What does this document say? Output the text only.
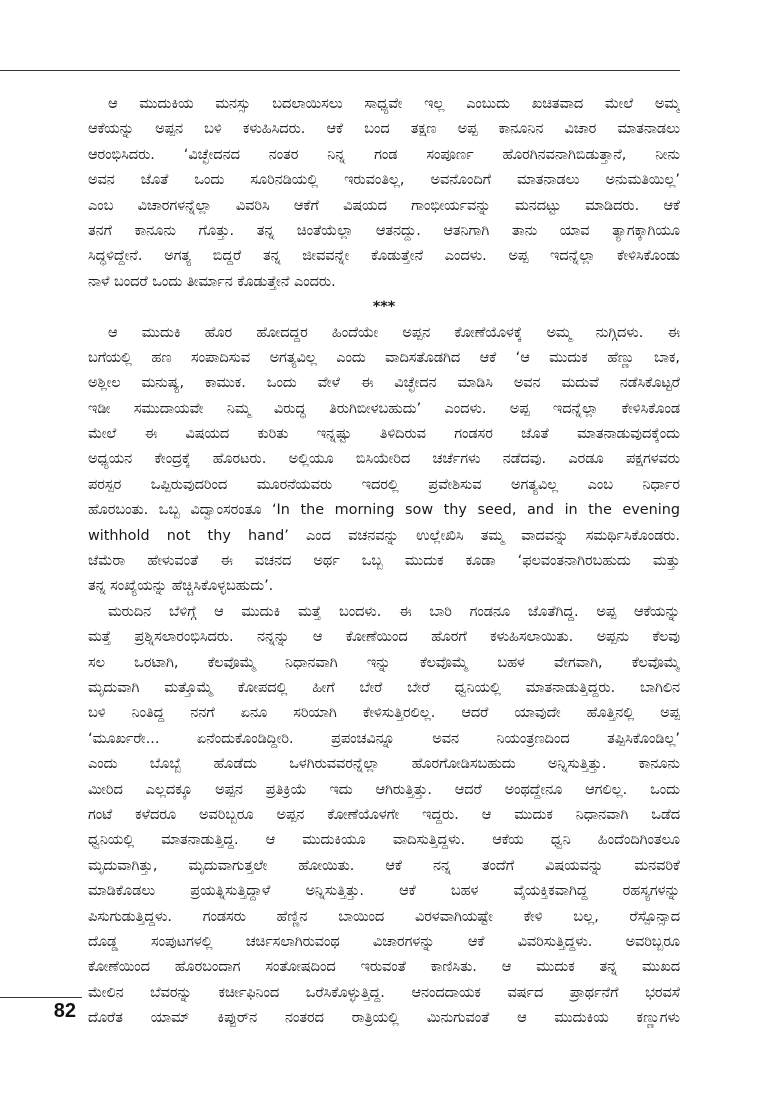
ಆ ಮುದುಕಿಯ ಮನಸ್ಸು ಬದಲಾಯಿಸಲು ಸಾಧ್ಯವೇ ಇಲ್ಲ ಎಂಬುದು ಖಚಿತವಾದ ಮೇಲೆ ಅಮ್ಮ
ಆಕೆಯನ್ನು ಅಪ್ಪನ ಬಳಿ ಕಳುಹಿಸಿದರು. ಆಕೆ ಬಂದ ತಕ್ಷಣ ಅಪ್ಪ ಕಾನೂನಿನ ವಿಚಾರ ಮಾತನಾಡಲು
ಆರಂಭಿಸಿದರು. ‘ವಿಚ್ಛೇದನದ ನಂತರ ನಿನ್ನ ಗಂಡ ಸಂಪೂರ್ಣ ಹೊರಗಿನವನಾಗಿಬಿಡುತ್ತಾನೆ, ನೀನು
ಅವನ ಜೊತೆ ಒಂದು ಸೂರಿನಡಿಯಲ್ಲಿ ಇರುವಂತಿಲ್ಲ, ಅವನೊಂದಿಗೆ ಮಾತನಾಡಲು ಅನುಮತಿಯಿಲ್ಲ’
ಎಂಬ ವಿಚಾರಗಳನ್ನೆಲ್ಲಾ ವಿವರಿಸಿ ಆಕೆಗೆ ವಿಷಯದ ಗಾಂಭೀರ್ಯವನ್ನು ಮನದಟ್ಟು ಮಾಡಿದರು. ಆಕೆ
ತನಗೆ ಕಾನೂನು ಗೊತ್ತು. ತನ್ನ ಚಿಂತೆಯೆಲ್ಲಾ ಆತನದ್ದು. ಆತನಿಗಾಗಿ ತಾನು ಯಾವ ತ್ಯಾಗಕ್ಕಾಗಿಯೂ
ಸಿದ್ಧಳಿದ್ದೇನೆ. ಅಗತ್ಯ ಬಿದ್ದರೆ ತನ್ನ ಜೀವವನ್ನೇ ಕೊಡುತ್ತೇನೆ ಎಂದಳು. ಅಪ್ಪ ಇದನ್ನೆಲ್ಲಾ ಕೇಳಿಸಿಕೊಂಡು
ನಾಳೆ ಬಂದರೆ ಒಂದು ತೀರ್ಮಾನ ಕೊಡುತ್ತೇನೆ ಎಂದರು.
***
ಆ ಮುದುಕಿ ಹೊರ ಹೋದದ್ದರ ಹಿಂದೆಯೇ ಅಪ್ಪನ ಕೋಣೆಯೊಳಕ್ಕೆ ಅಮ್ಮ ನುಗ್ಗಿದಳು. ಈ
ಬಗೆಯಲ್ಲಿ ಹಣ ಸಂಪಾದಿಸುವ ಅಗತ್ಯವಿಲ್ಲ ಎಂದು ವಾದಿಸತೊಡಗಿದ ಆಕೆ ‘ಆ ಮುದುಕ ಹೆಣ್ಣು ಬಾಕ,
ಅಶ್ಲೀಲ ಮನುಷ್ಯ, ಕಾಮುಕ. ಒಂದು ವೇಳೆ ಈ ವಿಚ್ಛೇದನ ಮಾಡಿಸಿ ಅವನ ಮದುವೆ ನಡೆಸಿಕೊಟ್ಟರೆ
ಇಡೀ ಸಮುದಾಯವೇ ನಿಮ್ಮ ವಿರುದ್ಧ ತಿರುಗಿಬೀಳಬಹುದು’ ಎಂದಳು. ಅಪ್ಪ ಇದನ್ನೆಲ್ಲಾ ಕೇಳಿಸಿಕೊಂಡ
ಮೇಲೆ ಈ ವಿಷಯದ ಕುರಿತು ಇನ್ನಷ್ಟು ತಿಳಿದಿರುವ ಗಂಡಸರ ಜೊತೆ ಮಾತನಾಡುವುದಕ್ಕೆಂದು
ಅಧ್ಯಯನ ಕೇಂದ್ರಕ್ಕೆ ಹೊರಟರು. ಅಲ್ಲಿಯೂ ಬಿಸಿಯೇರಿದ ಚರ್ಚೆಗಳು ನಡೆದವು. ಎರಡೂ ಪಕ್ಷಗಳವರು
ಪರಸ್ಪರ ಒಪ್ಪಿರುವುದರಿಂದ ಮೂರನೆಯವರು ಇದರಲ್ಲಿ ಪ್ರವೇಶಿಸುವ ಅಗತ್ಯವಿಲ್ಲ ಎಂಬ ನಿರ್ಧಾರ
ಹೊರಬಂತು. ಒಬ್ಬ ವಿದ್ವಾಂಸರಂತೂ ‘In the morning sow thy seed, and in the evening
withhold not thy hand’ ಎಂದ ವಚನವನ್ನು ಉಲ್ಲೇಖಿಸಿ ತಮ್ಮ ವಾದವನ್ನು ಸಮರ್ಥಿಸಿಕೊಂಡರು.
ಜೆಮೆರಾ ಹೇಳುವಂತೆ ಈ ವಚನದ ಅರ್ಥ ಒಬ್ಬ ಮುದುಕ ಕೂಡಾ ‘ಫಲವಂತನಾಗಿರಬಹುದು ಮತ್ತು
ತನ್ನ ಸಂಖ್ಯೆಯನ್ನು ಹೆಚ್ಚಿಸಿಕೊಳ್ಳಬಹುದು’.
ಮರುದಿನ ಬೆಳಿಗ್ಗೆ ಆ ಮುದುಕಿ ಮತ್ತೆ ಬಂದಳು. ಈ ಬಾರಿ ಗಂಡನೂ ಜೊತೆಗಿದ್ದ. ಅಪ್ಪ ಆಕೆಯನ್ನು
ಮತ್ತೆ ಪ್ರಶ್ನಿಸಲಾರಂಭಿಸಿದರು. ನನ್ನನ್ನು ಆ ಕೋಣೆಯಿಂದ ಹೊರಗೆ ಕಳುಹಿಸಲಾಯಿತು. ಅಪ್ಪನು ಕೆಲವು
ಸಲ ಒರಟಾಗಿ, ಕೆಲವೊಮ್ಮೆ ನಿಧಾನವಾಗಿ ಇನ್ನು ಕೆಲವೊಮ್ಮೆ ಬಹಳ ವೇಗವಾಗಿ, ಕೆಲವೊಮ್ಮೆ
ಮೃದುವಾಗಿ ಮತ್ತೊಮ್ಮೆ ಕೋಪದಲ್ಲಿ ಹೀಗೆ ಬೇರೆ ಬೇರೆ ಧ್ವನಿಯಲ್ಲಿ ಮಾತನಾಡುತ್ತಿದ್ದರು. ಬಾಗಿಲಿನ
ಬಳಿ ನಿಂತಿದ್ದ ನನಗೆ ಏನೂ ಸರಿಯಾಗಿ ಕೇಳಿಸುತ್ತಿರಲಿಲ್ಲ. ಆದರೆ ಯಾವುದೇ ಹೊತ್ತಿನಲ್ಲಿ ಅಪ್ಪ
‘ಮೂರ್ಖರೇ... ಏನೆಂದುಕೊಂಡಿದ್ದೀರಿ. ಪ್ರಪಂಚವಿನ್ನೂ ಅವನ ನಿಯಂತ್ರಣದಿಂದ ತಪ್ಪಿಸಿಕೊಂಡಿಲ್ಲ’
ಎಂದು ಬೊಬ್ಬೆ ಹೊಡೆದು ಒಳಗಿರುವವರನ್ನೆಲ್ಲಾ ಹೊರಗೋಡಿಸಬಹುದು ಅನ್ನಿಸುತ್ತಿತ್ತು. ಕಾನೂನು
ಮೀರಿದ ಎಲ್ಲದಕ್ಕೂ ಅಪ್ಪನ ಪ್ರತಿಕ್ರಿಯೆ ಇದು ಆಗಿರುತ್ತಿತ್ತು. ಆದರೆ ಅಂಥದ್ದೇನೂ ಆಗಲಿಲ್ಲ. ಒಂದು
ಗಂಟೆ ಕಳೆದರೂ ಅವರಿಬ್ಬರೂ ಅಪ್ಪನ ಕೋಣೆಯೊಳಗೇ ಇದ್ದರು. ಆ ಮುದುಕ ನಿಧಾನವಾಗಿ ಒಡೆದ
ಧ್ವನಿಯಲ್ಲಿ ಮಾತನಾಡುತ್ತಿದ್ದ. ಆ ಮುದುಕಿಯೂ ವಾದಿಸುತ್ತಿದ್ದಳು. ಆಕೆಯ ಧ್ವನಿ ಹಿಂದೆಂದಿಗಿಂತಲೂ
ಮೃದುವಾಗಿತ್ತು, ಮೃದುವಾಗುತ್ತಲೇ ಹೋಯಿತು. ಆಕೆ ನನ್ನ ತಂದೆಗೆ ವಿಷಯವನ್ನು ಮನವರಿಕೆ
ಮಾಡಿಕೊಡಲು ಪ್ರಯತ್ನಿಸುತ್ತಿದ್ದಾಳೆ ಅನ್ನಿಸುತ್ತಿತ್ತು. ಆಕೆ ಬಹಳ ವೈಯಕ್ತಿಕವಾಗಿದ್ದ ರಹಸ್ಯಗಳನ್ನು
ಪಿಸುಗುಡುತ್ತಿದ್ದಳು. ಗಂಡಸರು ಹೆಣ್ಣಿನ ಬಾಯಿಂದ ವಿರಳವಾಗಿಯಷ್ಟೇ ಕೇಳಿ ಬಲ್ಲ, ರೆಸ್ಪೊನ್ಸಾದ
ದೊಡ್ಡ ಸಂಪುಟಗಳಲ್ಲಿ ಚರ್ಚಿಸಲಾಗಿರುವಂಥ ವಿಚಾರಗಳನ್ನು ಆಕೆ ವಿವರಿಸುತ್ತಿದ್ದಳು. ಅವರಿಬ್ಬರೂ
ಕೋಣೆಯಿಂದ ಹೊರಬಂದಾಗ ಸಂತೋಷದಿಂದ ಇರುವಂತೆ ಕಾಣಿಸಿತು. ಆ ಮುದುಕ ತನ್ನ ಮುಖದ
ಮೇಲಿನ ಬೆವರನ್ನು ಕರ್ಚೀಫಿನಿಂದ ಒರೆಸಿಕೊಳ್ಳುತ್ತಿದ್ದ. ಆನಂದದಾಯಕ ವರ್ಷದ ಪ್ರಾರ್ಥನೆಗೆ ಭರವಸೆ
ದೊರೆತ ಯಾಮ್ ಕಿಪ್ಪುರ್‌ನ ನಂತರದ ರಾತ್ರಿಯಲ್ಲಿ ಮಿನುಗುವಂತೆ ಆ ಮುದುಕಿಯ ಕಣ್ಣುಗಳು
82
